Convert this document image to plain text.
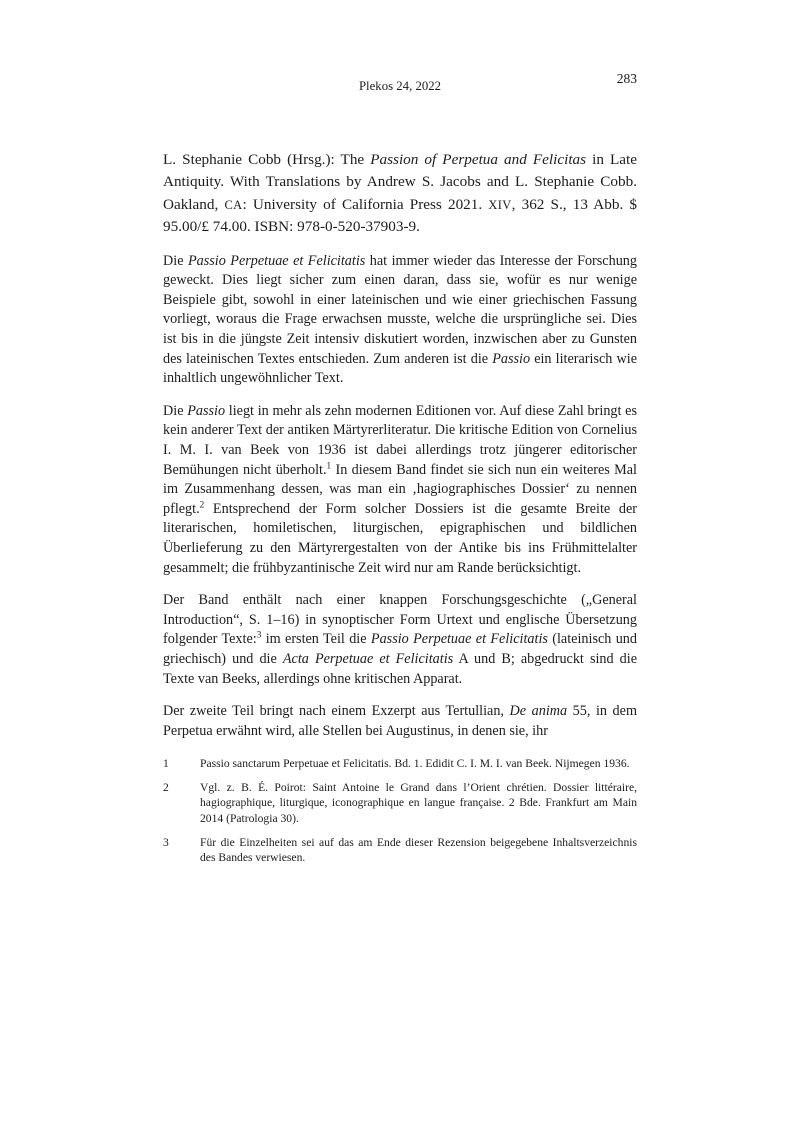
Plekos 24, 2022	283
L. Stephanie Cobb (Hrsg.): The Passion of Perpetua and Felicitas in Late Antiquity. With Translations by Andrew S. Jacobs and L. Stephanie Cobb. Oakland, CA: University of California Press 2021. XIV, 362 S., 13 Abb. $ 95.00/£ 74.00. ISBN: 978-0-520-37903-9.

Die Passio Perpetuae et Felicitatis hat immer wieder das Interesse der Forschung geweckt. Dies liegt sicher zum einen daran, dass sie, wofür es nur wenige Beispiele gibt, sowohl in einer lateinischen und wie einer griechischen Fassung vorliegt, woraus die Frage erwachsen musste, welche die ursprüngliche sei. Dies ist bis in die jüngste Zeit intensiv diskutiert worden, inzwischen aber zu Gunsten des lateinischen Textes entschieden. Zum anderen ist die Passio ein literarisch wie inhaltlich ungewöhnlicher Text.

Die Passio liegt in mehr als zehn modernen Editionen vor. Auf diese Zahl bringt es kein anderer Text der antiken Märtyrerliteratur. Die kritische Edition von Cornelius I. M. I. van Beek von 1936 ist dabei allerdings trotz jüngerer editorischer Bemühungen nicht überholt.$^1$ In diesem Band findet sie sich nun ein weiteres Mal im Zusammenhang dessen, was man ein ‚hagiographisches Dossier‘ zu nennen pflegt.$^2$ Entsprechend der Form solcher Dossiers ist die gesamte Breite der literarischen, homiletischen, liturgischen, epigraphischen und bildlichen Überlieferung zu den Märtyrergestalten von der Antike bis ins Frühmittelalter gesammelt; die frühbyzantinische Zeit wird nur am Rande berücksichtigt.

Der Band enthält nach einer knappen Forschungsgeschichte („General Introduction“, S. 1–16) in synoptischer Form Urtext und englische Übersetzung folgender Texte:$^3$ im ersten Teil die Passio Perpetuae et Felicitatis (lateinisch und griechisch) und die Acta Perpetuae et Felicitatis A und B; abgedruckt sind die Texte van Beeks, allerdings ohne kritischen Apparat.

Der zweite Teil bringt nach einem Exzerpt aus Tertullian, De anima 55, in dem Perpetua erwähnt wird, alle Stellen bei Augustinus, in denen sie, ihr

1	Passio sanctarum Perpetuae et Felicitatis. Bd. 1. Edidit C. I. M. I. van Beek. Nijmegen 1936.
2	Vgl. z. B. É. Poirot: Saint Antoine le Grand dans l’Orient chrétien. Dossier littéraire, hagiographique, liturgique, iconographique en langue française. 2 Bde. Frankfurt am Main 2014 (Patrologia 30).
3	Für die Einzelheiten sei auf das am Ende dieser Rezension beigegebene Inhaltsverzeichnis des Bandes verwiesen.
